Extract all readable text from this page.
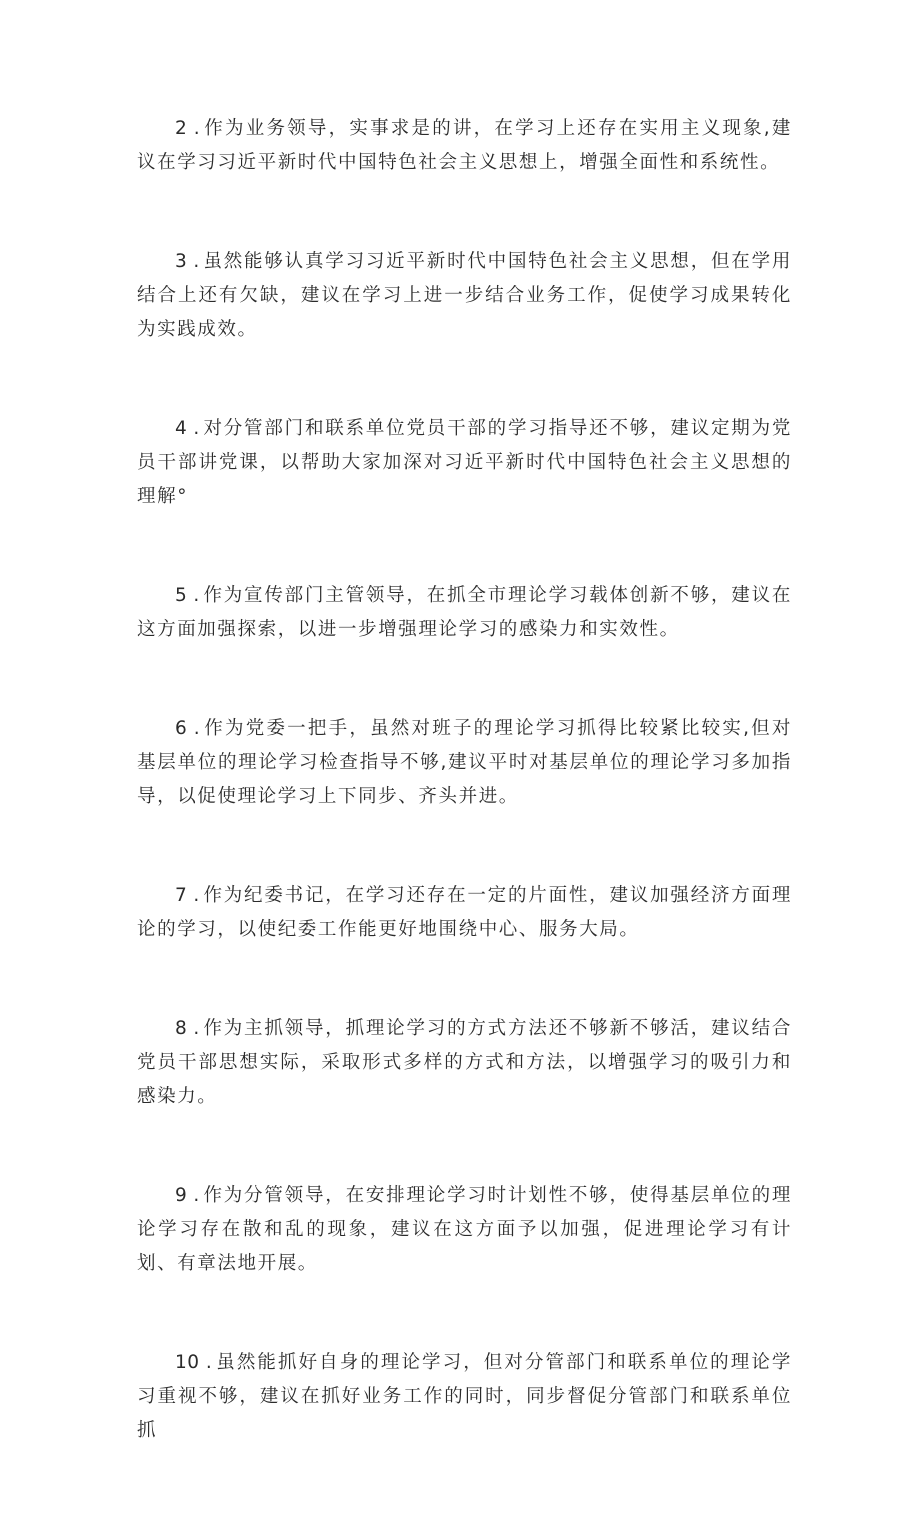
2 . 作为业务领导，实事求是的讲，在学习上还存在实用主义现象,建议在学习习近平新时代中国特色社会主义思想上，增强全面性和系统性。

3 . 虽然能够认真学习习近平新时代中国特色社会主义思想，但在学用结合上还有欠缺，建议在学习上进一步结合业务工作，促使学习成果转化为实践成效。

4 . 对分管部门和联系单位党员干部的学习指导还不够，建议定期为党员干部讲党课，以帮助大家加深对习近平新时代中国特色社会主义思想的理解°

5 . 作为宣传部门主管领导，在抓全市理论学习载体创新不够，建议在这方面加强探索，以进一步增强理论学习的感染力和实效性。

6 . 作为党委一把手，虽然对班子的理论学习抓得比较紧比较实,但对基层单位的理论学习检查指导不够,建议平时对基层单位的理论学习多加指导，以促使理论学习上下同步、齐头并进。

7 . 作为纪委书记，在学习还存在一定的片面性，建议加强经济方面理论的学习，以使纪委工作能更好地围绕中心、服务大局。

8 . 作为主抓领导，抓理论学习的方式方法还不够新不够活，建议结合党员干部思想实际，采取形式多样的方式和方法，以增强学习的吸引力和感染力。

9 . 作为分管领导，在安排理论学习时计划性不够，使得基层单位的理论学习存在散和乱的现象，建议在这方面予以加强，促进理论学习有计划、有章法地开展。

10 . 虽然能抓好自身的理论学习，但对分管部门和联系单位的理论学习重视不够，建议在抓好业务工作的同时，同步督促分管部门和联系单位抓
